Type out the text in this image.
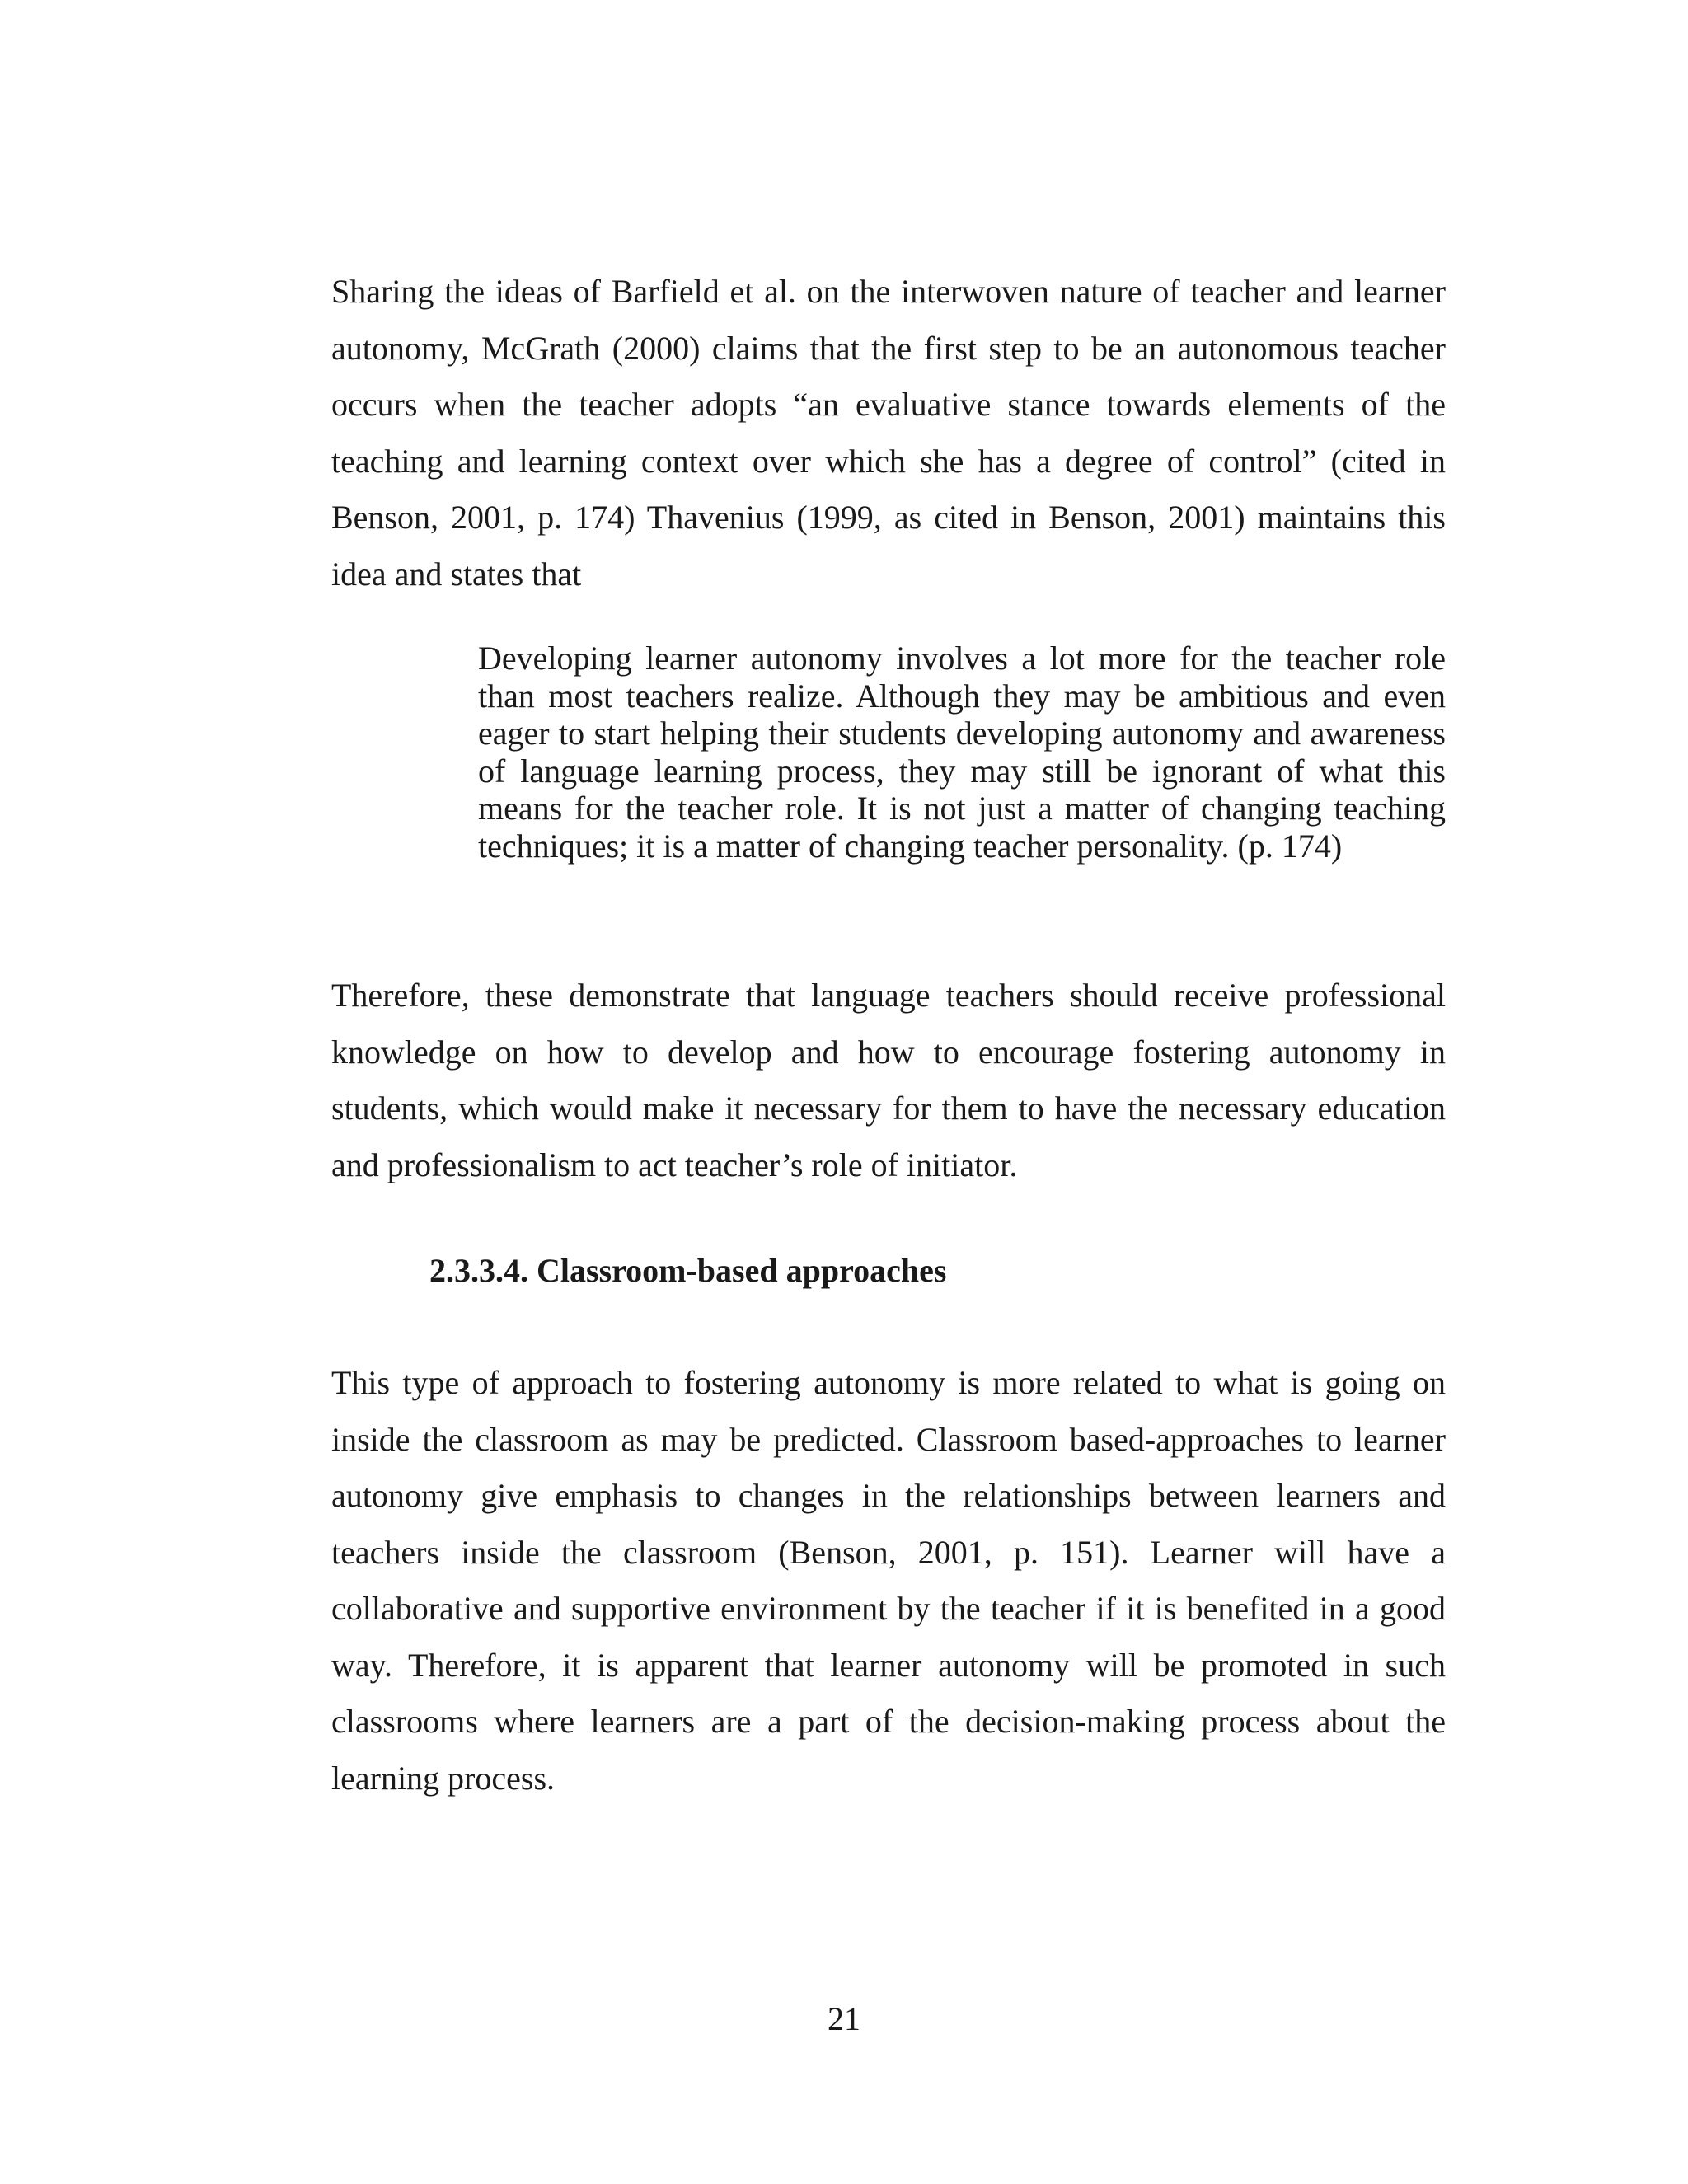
Sharing the ideas of Barfield et al. on the interwoven nature of teacher and learner autonomy, McGrath (2000) claims that the first step to be an autonomous teacher occurs when the teacher adopts “an evaluative stance towards elements of the teaching and learning context over which she has a degree of control” (cited in Benson, 2001, p. 174) Thavenius (1999, as cited in Benson, 2001) maintains this idea and states that

Developing learner autonomy involves a lot more for the teacher role than most teachers realize. Although they may be ambitious and even eager to start helping their students developing autonomy and awareness of language learning process, they may still be ignorant of what this means for the teacher role. It is not just a matter of changing teaching techniques; it is a matter of changing teacher personality. (p. 174)

Therefore, these demonstrate that language teachers should receive professional knowledge on how to develop and how to encourage fostering autonomy in students, which would make it necessary for them to have the necessary education and professionalism to act teacher’s role of initiator.

2.3.3.4. Classroom-based approaches

This type of approach to fostering autonomy is more related to what is going on inside the classroom as may be predicted. Classroom based-approaches to learner autonomy give emphasis to changes in the relationships between learners and teachers inside the classroom (Benson, 2001, p. 151). Learner will have a collaborative and supportive environment by the teacher if it is benefited in a good way. Therefore, it is apparent that learner autonomy will be promoted in such classrooms where learners are a part of the decision-making process about the learning process.

21
